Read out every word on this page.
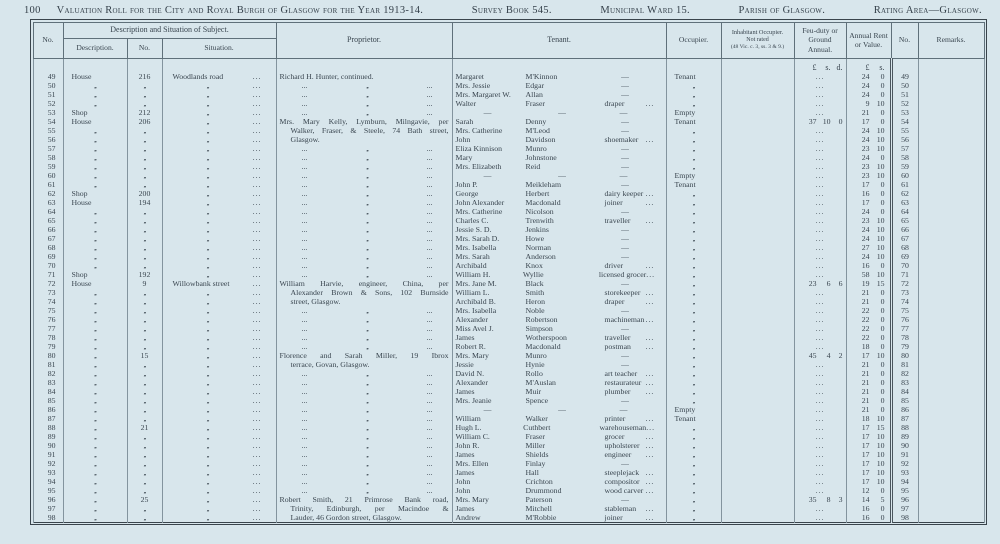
100 Valuation Roll for the City and Royal Burgh of Glasgow for the Year 1913-14.	Survey Book 545.	Municipal Ward 15.	Parish of Glasgow.	Rating Area—Glasgow.
No.	Description and Situation of Subject.			Proprietor.	Tenant.	Occupier.	Inhabitant Occupier.
Not rated
(48 Vic. c. 3, ss. 3 & 9.)	Feu-duty or Ground Annual.	Annual Rent or Value.	No.	Remarks.
	Description.	No.	Situation.								

								£ s. d.	£ s.		

49	House	216	Woodlands road ...	Richard H. Hunter, continued.	Margaret M'Kinnon —	Tenant		...	24 0	49	
50	,,	,,	,, ...	... ,, ...	Mrs. Jessie Edgar —	,,		...	24 0	50	
51	,,	,,	,, ...	... ,, ...	Mrs. Margaret W. Allan —	,,		...	24 0	51	
52	,,	,,	,, ...	... ,, ...	Walter Fraser draper ...	,,		...	9 10	52	
53	Shop	212	,, ...	... ,, ...	— — —	Empty		...	21 0	53	
54	House	206	,, ...	Mrs. Mary Kelly, Lymburn, Milngavie, per	Sarah Denny —	Tenant		37 10 0	17 0	54	
55	,,	,,	,, ...	Walker, Fraser, & Steele, 74 Bath street,	Mrs. Catherine M'Leod —	,,		...	24 10	55	
56	,,	,,	,, ...	Glasgow.	John Davidson shoemaker ...	,,		...	24 10	56	
57	,,	,,	,, ...	... ,, ...	Eliza Kinnison Munro —	,,		...	23 10	57	
58	,,	,,	,, ...	... ,, ...	Mary Johnstone —	,,		...	24 0	58	
59	,,	,,	,, ...	... ,, ...	Mrs. Elizabeth Reid —	,,		...	23 10	59	
60	,,	,,	,, ...	... ,, ...	— — —	Empty		...	23 10	60	
61	,,	,,	,, ...	... ,, ...	John P. Meikleham —	Tenant		...	17 0	61	
62	Shop	200	,, ...	... ,, ...	George Herbert dairy keeper ...	,,		...	16 0	62	
63	House	194	,, ...	... ,, ...	John Alexander Macdonald joiner ...	,,		...	17 0	63	
64	,,	,,	,, ...	... ,, ...	Mrs. Catherine Nicolson —	,,		...	24 0	64	
65	,,	,,	,, ...	... ,, ...	Charles C. Trenwith traveller ...	,,		...	23 10	65	
66	,,	,,	,, ...	... ,, ...	Jessie S. D. Jenkins —	,,		...	24 10	66	
67	,,	,,	,, ...	... ,, ...	Mrs. Sarah D. Howe —	,,		...	24 10	67	
68	,,	,,	,, ...	... ,, ...	Mrs. Isabella Norman —	,,		...	27 10	68	
69	,,	,,	,, ...	... ,, ...	Mrs. Sarah Anderson —	,,		...	24 10	69	
70	,,	,,	,, ...	... ,, ...	Archibald Knox driver ...	,,		...	16 0	70	
71	Shop	192	,, ...	... ,, ...	William H. Wyllie licensed grocer ...	,,		...	58 10	71	
72	House	9	Willowbank street ...	William Harvie, engineer, China, per	Mrs. Jane M. Black —	,,		23 6 6	19 15	72	
73	,,	,,	,, ...	Alexander Brown & Sons, 102 Burnside	William L. Smith storekeeper ...	,,		...	21 0	73	
74	,,	,,	,, ...	street, Glasgow.	Archibald B. Heron draper ...	,,		...	21 0	74	
75	,,	,,	,, ...	... ,, ...	Mrs. Isabella Noble —	,,		...	22 0	75	
76	,,	,,	,, ...	... ,, ...	Alexander Robertson machineman ...	,,		...	22 0	76	
77	,,	,,	,, ...	... ,, ...	Miss Avel J. Simpson —	,,		...	22 0	77	
78	,,	,,	,, ...	... ,, ...	James Wotherspoon traveller ...	,,		...	22 0	78	
79	,,	,,	,, ...	... ,, ...	Robert R. Macdonald postman ...	,,		...	18 0	79	
80	,,	15	,, ...	Florence and Sarah Miller, 19 Ibrox	Mrs. Mary Munro —	,,		45 4 2	17 10	80	
81	,,	,,	,, ...	terrace, Govan, Glasgow.	Jessie Hynie —	,,		...	21 0	81	
82	,,	,,	,, ...	... ,, ...	David N. Rollo art teacher ...	,,		...	21 0	82	
83	,,	,,	,, ...	... ,, ...	Alexander M'Auslan restaurateur ...	,,		...	21 0	83	
84	,,	,,	,, ...	... ,, ...	James Muir plumber ...	,,		...	21 0	84	
85	,,	,,	,, ...	... ,, ...	Mrs. Jeanie Spence —	,,		...	21 0	85	
86	,,	,,	,, ...	... ,, ...	— — —	Empty		...	21 0	86	
87	,,	,,	,, ...	... ,, ...	William Walker printer ...	Tenant		...	18 10	87	
88	,,	21	,, ...	... ,, ...	Hugh L. Cuthbert warehouseman ...	,,		...	17 15	88	
89	,,	,,	,, ...	... ,, ...	William C. Fraser grocer ...	,,		...	17 10	89	
90	,,	,,	,, ...	... ,, ...	John R. Miller upholsterer ...	,,		...	17 10	90	
91	,,	,,	,, ...	... ,, ...	James Shields engineer ...	,,		...	17 10	91	
92	,,	,,	,, ...	... ,, ...	Mrs. Ellen Finlay —	,,		...	17 10	92	
93	,,	,,	,, ...	... ,, ...	James Hall steeplejack ...	,,		...	17 10	93	
94	,,	,,	,, ...	... ,, ...	John Crichton compositor ...	,,		...	17 10	94	
95	,,	,,	,, ...	... ,, ...	John Drummond wood carver ...	,,		...	12 0	95	
96	,,	25	,, ...	Robert Smith, 21 Primrose Bank road,	Mrs. Mary Paterson —	,,		35 8 3	14 5	96	
97	,,	,,	,, ...	Trinity, Edinburgh, per Macindoe &	James Mitchell stableman ...	,,		...	16 0	97	
98	,,	,,	,, ...	Lauder, 46 Gordon street, Glasgow.	Andrew M'Robbie joiner ...	,,		...	16 0	98	
